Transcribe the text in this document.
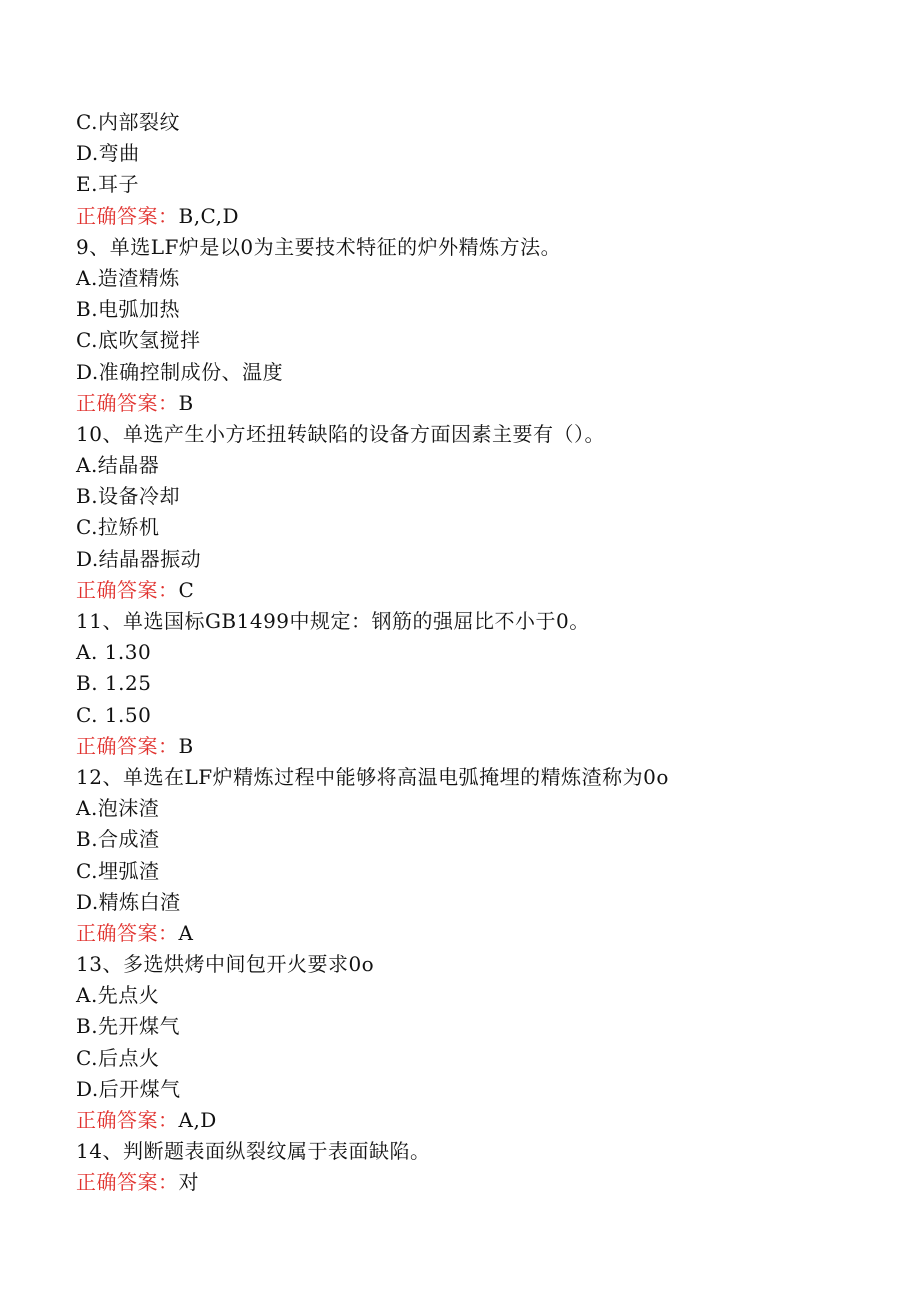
C.内部裂纹
D.弯曲
E.耳子
正确答案：B,C,D
9、单选LF炉是以0为主要技术特征的炉外精炼方法。
A.造渣精炼
B.电弧加热
C.底吹氢搅拌
D.准确控制成份、温度
正确答案：B
10、单选产生小方坯扭转缺陷的设备方面因素主要有（）。
A.结晶器
B.设备冷却
C.拉矫机
D.结晶器振动
正确答案：C
11、单选国标GB1499中规定：钢筋的强屈比不小于0。
A. 1.30
B. 1.25
C. 1.50
正确答案：B
12、单选在LF炉精炼过程中能够将高温电弧掩埋的精炼渣称为0o
A.泡沫渣
B.合成渣
C.埋弧渣
D.精炼白渣
正确答案：A
13、多选烘烤中间包开火要求0o
A.先点火
B.先开煤气
C.后点火
D.后开煤气
正确答案：A,D
14、判断题表面纵裂纹属于表面缺陷。
正确答案：对
